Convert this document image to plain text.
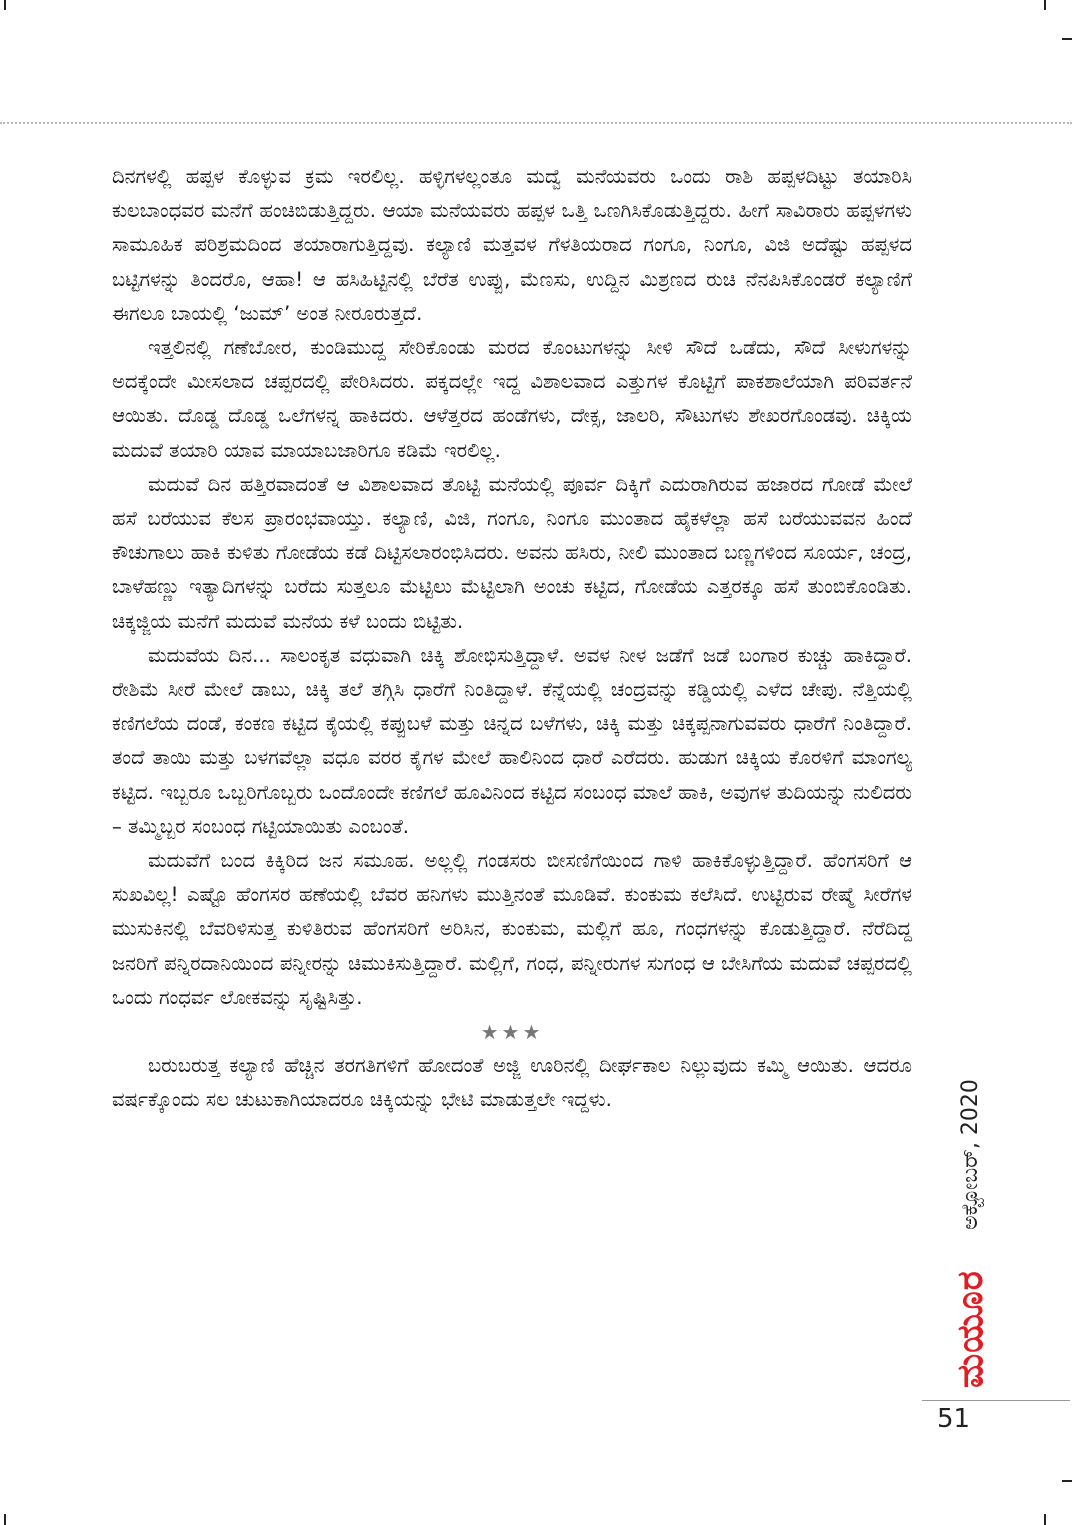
ದಿನಗಳಲ್ಲಿ ಹಪ್ಪಳ ಕೊಳ್ಳುವ ಕ್ರಮ ಇರಲಿಲ್ಲ. ಹಳ್ಳಿಗಳಲ್ಲಂತೂ ಮದ್ವೆ ಮನೆಯವರು ಒಂದು ರಾಶಿ ಹಪ್ಪಳದಿಟ್ಟು ತಯಾರಿಸಿ ಕುಲಬಾಂಧವರ ಮನೆಗೆ ಹಂಚಿಬಿಡುತ್ತಿದ್ದರು. ಆಯಾ ಮನೆಯವರು ಹಪ್ಪಳ ಒತ್ತಿ ಒಣಗಿಸಿಕೊಡುತ್ತಿದ್ದರು. ಹೀಗೆ ಸಾವಿರಾರು ಹಪ್ಪಳಗಳು ಸಾಮೂಹಿಕ ಪರಿಶ್ರಮದಿಂದ ತಯಾರಾಗುತ್ತಿದ್ದವು. ಕಲ್ಯಾಣಿ ಮತ್ತವಳ ಗೆಳತಿಯರಾದ ಗಂಗೂ, ನಿಂಗೂ, ವಿಜಿ ಅದೆಷ್ಟು ಹಪ್ಪಳದ ಬಟ್ಟಿಗಳನ್ನು ತಿಂದರೊ, ಆಹಾ! ಆ ಹಸಿಹಿಟ್ಟಿನಲ್ಲಿ ಬೆರೆತ ಉಪ್ಪು, ಮೆಣಸು, ಉದ್ದಿನ ಮಿಶ್ರಣದ ರುಚಿ ನೆನಪಿಸಿಕೊಂಡರೆ ಕಲ್ಯಾಣಿಗೆ ಈಗಲೂ ಬಾಯಲ್ಲಿ ‘ಜುಮ್’ ಅಂತ ನೀರೂರುತ್ತದೆ.

ಇತ್ತಲಿನಲ್ಲಿ ಗಣೆಬೋರ, ಕುಂಡಿಮುದ್ದ ಸೇರಿಕೊಂಡು ಮರದ ಕೊಂಟುಗಳನ್ನು ಸೀಳಿ ಸೌದೆ ಒಡೆದು, ಸೌದೆ ಸೀಳುಗಳನ್ನು ಅದಕ್ಕೆಂದೇ ಮೀಸಲಾದ ಚಪ್ಪರದಲ್ಲಿ ಪೇರಿಸಿದರು. ಪಕ್ಕದಲ್ಲೇ ಇದ್ದ ವಿಶಾಲವಾದ ಎತ್ತುಗಳ ಕೊಟ್ಟಿಗೆ ಪಾಕಶಾಲೆಯಾಗಿ ಪರಿವರ್ತನೆ ಆಯಿತು. ದೊಡ್ಡ ದೊಡ್ಡ ಒಲೆಗಳನ್ನ ಹಾಕಿದರು. ಆಳೆತ್ತರದ ಹಂಡೆಗಳು, ದೇಕ್ಸ, ಜಾಲರಿ, ಸೌಟುಗಳು ಶೇಖರಗೊಂಡವು. ಚಿಕ್ಕಿಯ ಮದುವೆ ತಯಾರಿ ಯಾವ ಮಾಯಾಬಜಾರಿಗೂ ಕಡಿಮೆ ಇರಲಿಲ್ಲ.

ಮದುವೆ ದಿನ ಹತ್ತಿರವಾದಂತೆ ಆ ವಿಶಾಲವಾದ ತೊಟ್ಟಿ ಮನೆಯಲ್ಲಿ ಪೂರ್ವ ದಿಕ್ಕಿಗೆ ಎದುರಾಗಿರುವ ಹಜಾರದ ಗೋಡೆ ಮೇಲೆ ಹಸೆ ಬರೆಯುವ ಕೆಲಸ ಪ್ರಾರಂಭವಾಯ್ತು. ಕಲ್ಯಾಣಿ, ವಿಜಿ, ಗಂಗೂ, ನಿಂಗೂ ಮುಂತಾದ ಹೈಕಳೆಲ್ಲಾ ಹಸೆ ಬರೆಯುವವನ ಹಿಂದೆ ಕೌಚುಗಾಲು ಹಾಕಿ ಕುಳಿತು ಗೋಡೆಯ ಕಡೆ ದಿಟ್ಟಿಸಲಾರಂಭಿಸಿದರು. ಅವನು ಹಸಿರು, ನೀಲಿ ಮುಂತಾದ ಬಣ್ಣಗಳಿಂದ ಸೂರ್ಯ, ಚಂದ್ರ, ಬಾಳೆಹಣ್ಣು ಇತ್ಯಾದಿಗಳನ್ನು ಬರೆದು ಸುತ್ತಲೂ ಮೆಟ್ಟಿಲು ಮೆಟ್ಟಿಲಾಗಿ ಅಂಚು ಕಟ್ಟಿದ, ಗೋಡೆಯ ಎತ್ತರಕ್ಕೂ ಹಸೆ ತುಂಬಿಕೊಂಡಿತು. ಚಿಕ್ಕಜ್ಜಿಯ ಮನೆಗೆ ಮದುವೆ ಮನೆಯ ಕಳೆ ಬಂದು ಬಿಟ್ಟಿತು.

ಮದುವೆಯ ದಿನ... ಸಾಲಂಕೃತ ವಧುವಾಗಿ ಚಿಕ್ಕಿ ಶೋಭಿಸುತ್ತಿದ್ದಾಳೆ. ಅವಳ ನೀಳ ಜಡೆಗೆ ಜಡೆ ಬಂಗಾರ ಕುಚ್ಚು ಹಾಕಿದ್ದಾರೆ. ರೇಶಿಮೆ ಸೀರೆ ಮೇಲೆ ಡಾಬು, ಚಿಕ್ಕಿ ತಲೆ ತಗ್ಗಿಸಿ ಧಾರೆಗೆ ನಿಂತಿದ್ದಾಳೆ. ಕೆನ್ನೆಯಲ್ಲಿ ಚಂದ್ರವನ್ನು ಕಡ್ಡಿಯಲ್ಲಿ ಎಳೆದ ಚೇಪು. ನೆತ್ತಿಯಲ್ಲಿ ಕಣಿಗಲೆಯ ದಂಡೆ, ಕಂಕಣ ಕಟ್ಟಿದ ಕೈಯಲ್ಲಿ ಕಪ್ಪುಬಳೆ ಮತ್ತು ಚಿನ್ನದ ಬಳೆಗಳು, ಚಿಕ್ಕಿ ಮತ್ತು ಚಿಕ್ಕಪ್ಪನಾಗುವವರು ಧಾರೆಗೆ ನಿಂತಿದ್ದಾರೆ. ತಂದೆ ತಾಯಿ ಮತ್ತು ಬಳಗವೆಲ್ಲಾ ವಧೂ ವರರ ಕೈಗಳ ಮೇಲೆ ಹಾಲಿನಿಂದ ಧಾರೆ ಎರೆದರು. ಹುಡುಗ ಚಿಕ್ಕಿಯ ಕೊರಳಿಗೆ ಮಾಂಗಲ್ಯ ಕಟ್ಟಿದ. ಇಬ್ಬರೂ ಒಬ್ಬರಿಗೊಬ್ಬರು ಒಂದೊಂದೇ ಕಣಿಗಲೆ ಹೂವಿನಿಂದ ಕಟ್ಟಿದ ಸಂಬಂಧ ಮಾಲೆ ಹಾಕಿ, ಅವುಗಳ ತುದಿಯನ್ನು ನುಲಿದರು – ತಮ್ಮಿಬ್ಬರ ಸಂಬಂಧ ಗಟ್ಟಿಯಾಯಿತು ಎಂಬಂತೆ.

ಮದುವೆಗೆ ಬಂದ ಕಿಕ್ಕಿರಿದ ಜನ ಸಮೂಹ. ಅಲ್ಲಲ್ಲಿ ಗಂಡಸರು ಬೀಸಣಿಗೆಯಿಂದ ಗಾಳಿ ಹಾಕಿಕೊಳ್ಳುತ್ತಿದ್ದಾರೆ. ಹೆಂಗಸರಿಗೆ ಆ ಸುಖವಿಲ್ಲ! ಎಷ್ಟೊ ಹೆಂಗಸರ ಹಣೆಯಲ್ಲಿ ಬೆವರ ಹನಿಗಳು ಮುತ್ತಿನಂತೆ ಮೂಡಿವೆ. ಕುಂಕುಮ ಕಲೆಸಿದೆ. ಉಟ್ಟಿರುವ ರೇಷ್ಮೆ ಸೀರೆಗಳ ಮುಸುಕಿನಲ್ಲಿ ಬೆವರಿಳಿಸುತ್ತ ಕುಳಿತಿರುವ ಹೆಂಗಸರಿಗೆ ಅರಿಸಿನ, ಕುಂಕುಮ, ಮಲ್ಲಿಗೆ ಹೂ, ಗಂಧಗಳನ್ನು ಕೊಡುತ್ತಿದ್ದಾರೆ. ನೆರೆದಿದ್ದ ಜನರಿಗೆ ಪನ್ನಿರದಾನಿಯಿಂದ ಪನ್ನೀರನ್ನು ಚಿಮುಕಿಸುತ್ತಿದ್ದಾರೆ. ಮಲ್ಲಿಗೆ, ಗಂಧ, ಪನ್ನೀರುಗಳ ಸುಗಂಧ ಆ ಬೇಸಿಗೆಯ ಮದುವೆ ಚಪ್ಪರದಲ್ಲಿ ಒಂದು ಗಂಧರ್ವ ಲೋಕವನ್ನು ಸೃಷ್ಟಿಸಿತ್ತು.

★★★

ಬರುಬರುತ್ತ ಕಲ್ಯಾಣಿ ಹೆಚ್ಚಿನ ತರಗತಿಗಳಿಗೆ ಹೋದಂತೆ ಅಜ್ಜಿ ಊರಿನಲ್ಲಿ ದೀರ್ಘಕಾಲ ನಿಲ್ಲುವುದು ಕಮ್ಮಿ ಆಯಿತು. ಆದರೂ ವರ್ಷಕ್ಕೊಂದು ಸಲ ಚುಟುಕಾಗಿಯಾದರೂ ಚಿಕ್ಕಿಯನ್ನು ಭೇಟಿ ಮಾಡುತ್ತಲೇ ಇದ್ದಳು.	ಅಕ್ಟೋಬರ್, 2020
ಮಯೂರ
51
